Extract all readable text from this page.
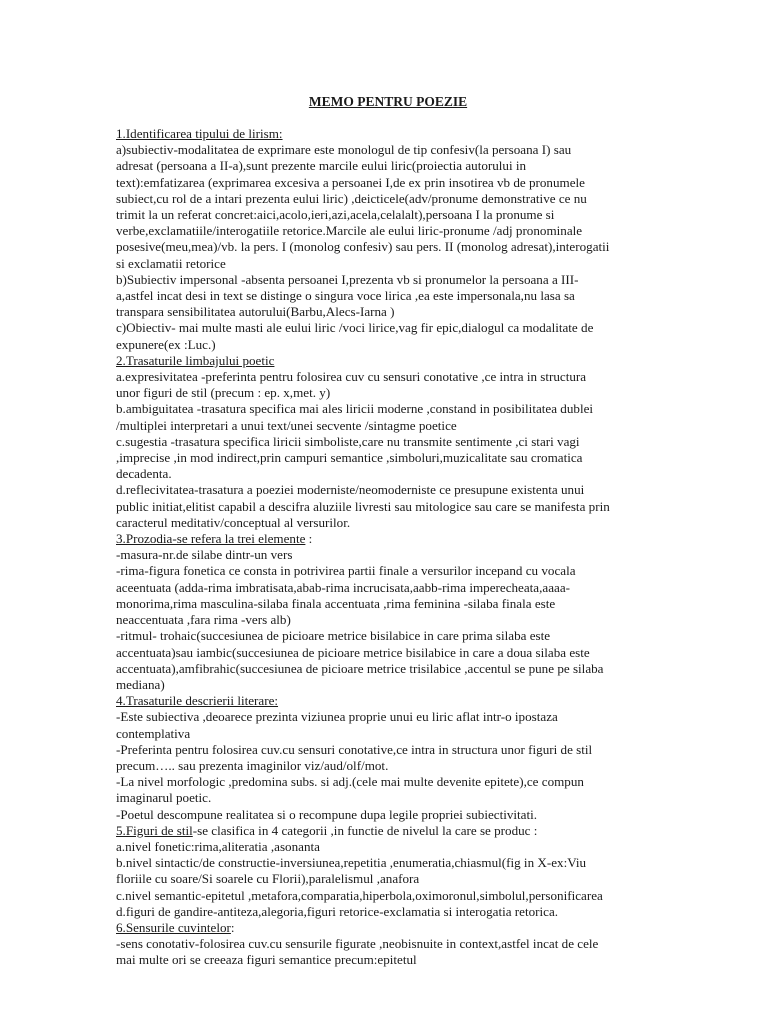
MEMO PENTRU POEZIE
1.Identificarea tipului de lirism:
a)subiectiv-modalitatea de exprimare este monologul de tip confesiv(la persoana I) sau
adresat (persoana a II-a),sunt prezente marcile eului liric(proiectia autorului in
text):emfatizarea (exprimarea excesiva a persoanei I,de ex prin insotirea vb de pronumele
subiect,cu rol de a intari prezenta eului liric) ,deicticele(adv/pronume demonstrative ce nu
trimit la un referat concret:aici,acolo,ieri,azi,acela,celalalt),persoana I la pronume si
verbe,exclamatiile/interogatiile retorice.Marcile ale eului liric-pronume /adj pronominale
posesive(meu,mea)/vb. la pers. I (monolog confesiv) sau pers. II (monolog adresat),interogatii
si exclamatii retorice
b)Subiectiv impersonal -absenta persoanei I,prezenta vb si pronumelor la persoana a III-
a,astfel incat desi in text se distinge o singura voce lirica ,ea este impersonala,nu lasa sa
transpara sensibilitatea autorului(Barbu,Alecs-Iarna )
c)Obiectiv- mai multe masti ale eului liric /voci lirice,vag fir epic,dialogul ca modalitate de
expunere(ex :Luc.)
2.Trasaturile limbajului poetic
a.expresivitatea -preferinta pentru folosirea cuv cu sensuri conotative ,ce intra in structura
unor figuri de stil (precum : ep. x,met. y)
b.ambiguitatea -trasatura specifica mai ales liricii moderne ,constand in posibilitatea dublei
/multiplei interpretari a unui text/unei secvente /sintagme poetice
c.sugestia -trasatura specifica liricii simboliste,care nu transmite sentimente ,ci stari vagi
,imprecise ,in mod indirect,prin campuri semantice ,simboluri,muzicalitate sau cromatica
decadenta.
d.reflecivitatea-trasatura a poeziei moderniste/neomoderniste ce presupune existenta unui
public initiat,elitist capabil a descifra aluziile livresti sau mitologice sau care se manifesta prin
caracterul meditativ/conceptual al versurilor.
3.Prozodia-se refera la trei elemente :
-masura-nr.de silabe dintr-un vers
-rima-figura fonetica ce consta in potrivirea partii finale a versurilor incepand cu vocala
aceentuata (adda-rima imbratisata,abab-rima incrucisata,aabb-rima imperecheata,aaaa-
monorima,rima masculina-silaba finala accentuata ,rima feminina -silaba finala este
neaccentuata ,fara rima -vers alb)
-ritmul- trohaic(succesiunea de picioare metrice bisilabice in care prima silaba este
accentuata)sau iambic(succesiunea de picioare metrice bisilabice in care a doua silaba este
accentuata),amfibrahic(succesiunea de picioare metrice trisilabice ,accentul se pune pe silaba
mediana)
4.Trasaturile descrierii literare:
-Este subiectiva ,deoarece prezinta viziunea proprie unui eu liric aflat intr-o ipostaza
contemplativa
-Preferinta pentru folosirea cuv.cu sensuri conotative,ce intra in structura unor figuri de stil
precum….. sau prezenta imaginilor viz/aud/olf/mot.
-La nivel morfologic ,predomina subs. si adj.(cele mai multe devenite epitete),ce compun
imaginarul poetic.
-Poetul descompune realitatea si o recompune dupa legile propriei subiectivitati.
5.Figuri de stil-se clasifica in 4 categorii ,in functie de nivelul la care se produc :
a.nivel fonetic:rima,aliteratia ,asonanta
b.nivel sintactic/de constructie-inversiunea,repetitia ,enumeratia,chiasmul(fig in X-ex:Viu
floriile cu soare/Si soarele cu Florii),paralelismul ,anafora
c.nivel semantic-epitetul ,metafora,comparatia,hiperbola,oximoronul,simbolul,personificarea
d.figuri de gandire-antiteza,alegoria,figuri retorice-exclamatia si interogatia retorica.
6.Sensurile cuvintelor:
-sens conotativ-folosirea cuv.cu sensurile figurate ,neobisnuite in context,astfel incat de cele
mai multe ori se creeaza figuri semantice precum:epitetul
